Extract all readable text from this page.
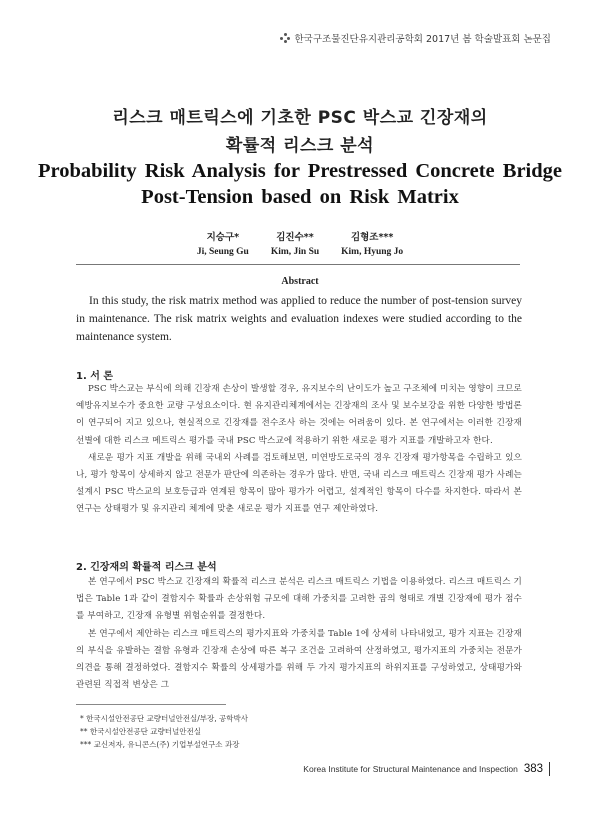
한국구조물진단유지관리공학회 2017년 봄 학술발표회 논문집
리스크 매트릭스에 기초한 PSC 박스교 긴장재의
확률적 리스크 분석
Probability Risk Analysis for Prestressed Concrete Bridge
Post-Tension based on Risk Matrix
지승구*
Ji, Seung Gu
김진수**
Kim, Jin Su
김형조***
Kim, Hyung Jo
Abstract

In this study, the risk matrix method was applied to reduce the number of post-tension survey in maintenance. The risk matrix weights and evaluation indexes were studied according to the maintenance system.

1. 서 론

PSC 박스교는 부식에 의해 긴장재 손상이 발생할 경우, 유지보수의 난이도가 높고 구조체에 미치는 영향이 크므로 예방유지보수가 중요한 교량 구성요소이다. 현 유지관리체계에서는 긴장재의 조사 및 보수보강을 위한 다양한 방법론이 연구되어 지고 있으나, 현실적으로 긴장재를 전수조사 하는 것에는 어려움이 있다. 본 연구에서는 이러한 긴장재 선별에 대한 리스크 메트릭스 평가를 국내 PSC 박스교에 적용하기 위한 새로운 평가 지표를 개발하고자 한다.

새로운 평가 지표 개발을 위해 국내외 사례를 검토해보면, 미연방도로국의 경우 긴장재 평가항목을 수립하고 있으나, 평가 항목이 상세하지 않고 전문가 판단에 의존하는 경우가 많다. 반면, 국내 리스크 매트릭스 긴장재 평가 사례는 설계시 PSC 박스교의 보호등급과 연계된 항목이 많아 평가가 어렵고, 설계적인 항목이 다수를 차지한다. 따라서 본 연구는 상태평가 및 유지관리 체계에 맞춘 새로운 평가 지표를 연구 제안하였다.

2. 긴장재의 확률적 리스크 분석

본 연구에서 PSC 박스교 긴장재의 확률적 리스크 분석은 리스크 매트릭스 기법을 이용하였다. 리스크 매트릭스 기법은 Table 1과 같이 결함지수 확률과 손상위험 규모에 대해 가중치를 고려한 곱의 형태로 개별 긴장재에 평가 점수를 부여하고, 긴장재 유형별 위험순위를 결정한다.

본 연구에서 제안하는 리스크 매트릭스의 평가지표와 가중치를 Table 1에 상세히 나타내었고, 평가 지표는 긴장재의 부식을 유발하는 결함 유형과 긴장재 손상에 따른 복구 조건을 고려하여 산정하였고, 평가지표의 가중치는 전문가 의견을 통해 결정하였다. 결함지수 확률의 상세평가를 위해 두 가지 평가지표의 하위지표를 구성하였고, 상태평가와 관련된 직접적 변상은 그

* 한국시설안전공단 교량터널안전실/부장, 공학박사
** 한국시설안전공단 교량터널안전실
*** 교신저자, 유니콘스(주) 기업부설연구소 과장
Korea Institute for Structural Maintenance and Inspection 383
